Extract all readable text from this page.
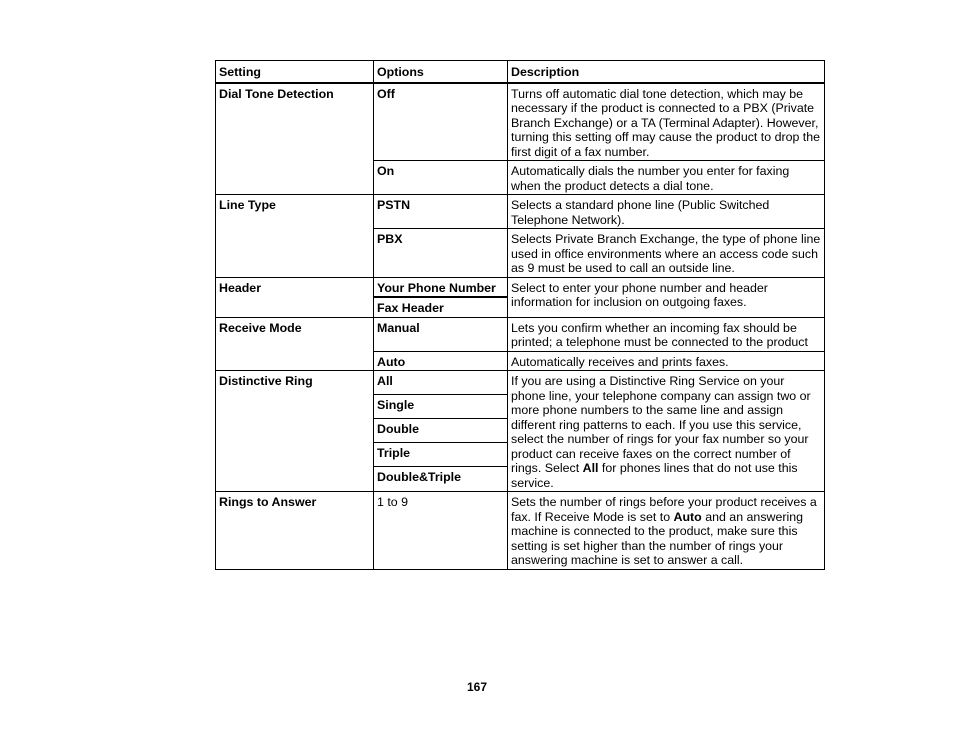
Setting	Options	Description
Dial Tone Detection	Off	Turns off automatic dial tone detection, which may be necessary if the product is connected to a PBX (Private Branch Exchange) or a TA (Terminal Adapter). However, turning this setting off may cause the product to drop the first digit of a fax number.
	On	Automatically dials the number you enter for faxing when the product detects a dial tone.
Line Type	PSTN	Selects a standard phone line (Public Switched Telephone Network).
	PBX	Selects Private Branch Exchange, the type of phone line used in office environments where an access code such as 9 must be used to call an outside line.
Header	Your Phone Number	Select to enter your phone number and header information for inclusion on outgoing faxes.
	Fax Header	
Receive Mode	Manual	Lets you confirm whether an incoming fax should be printed; a telephone must be connected to the product
	Auto	Automatically receives and prints faxes.
Distinctive Ring	All	If you are using a Distinctive Ring Service on your phone line, your telephone company can assign two or more phone numbers to the same line and assign different ring patterns to each. If you use this service, select the number of rings for your fax number so your product can receive faxes on the correct number of rings. Select All for phones lines that do not use this service.
	Single	
	Double	
	Triple	
	Double&Triple	
Rings to Answer	1 to 9	Sets the number of rings before your product receives a fax. If Receive Mode is set to Auto and an answering machine is connected to the product, make sure this setting is set higher than the number of rings your answering machine is set to answer a call.
167
